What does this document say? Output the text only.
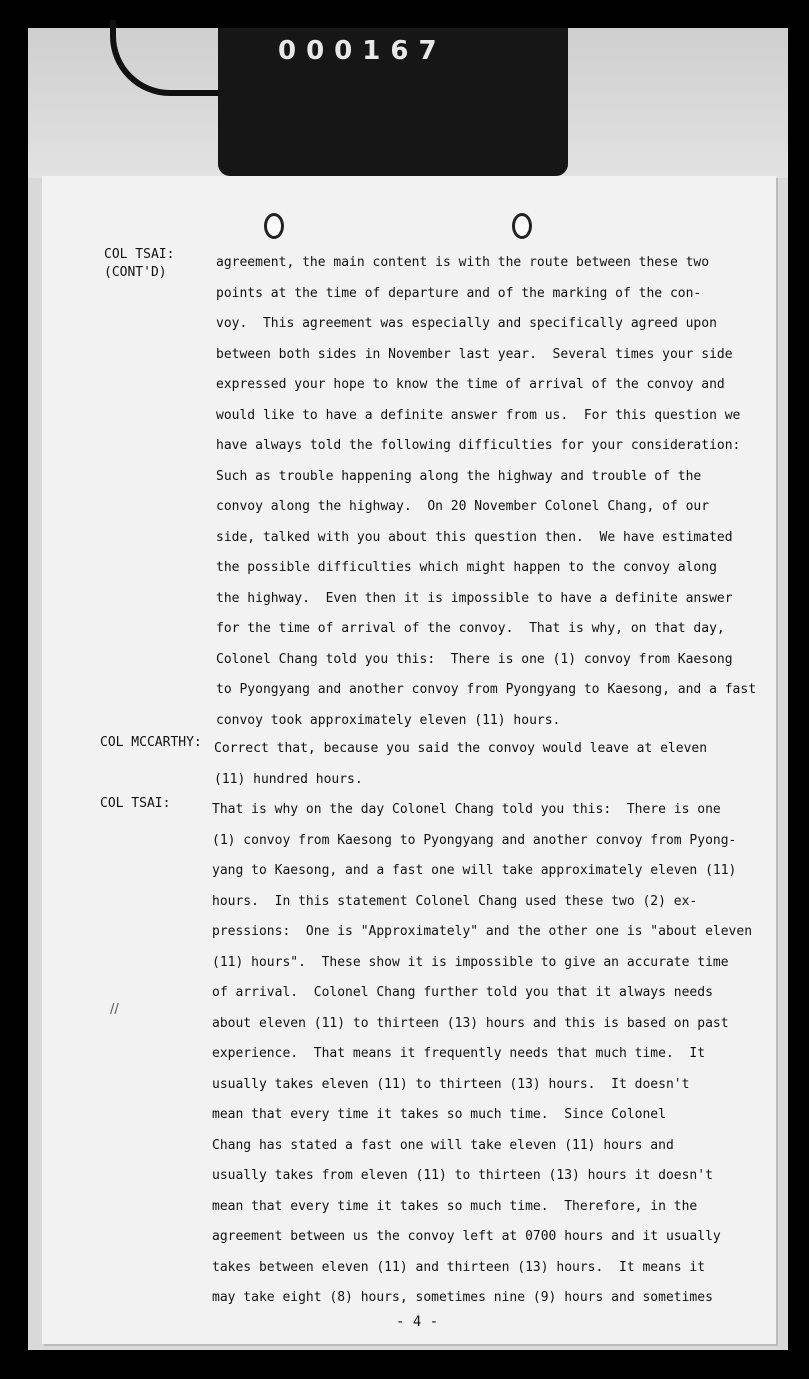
000167
COL TSAI:
(CONT'D)
COL MCCARTHY:
COL TSAI:
agreement, the main content is with the route between these two
points at the time of departure and of the marking of the con-
voy.  This agreement was especially and specifically agreed upon
between both sides in November last year.  Several times your side
expressed your hope to know the time of arrival of the convoy and
would like to have a definite answer from us.  For this question we
have always told the following difficulties for your consideration:
Such as trouble happening along the highway and trouble of the
convoy along the highway.  On 20 November Colonel Chang, of our
side, talked with you about this question then.  We have estimated
the possible difficulties which might happen to the convoy along
the highway.  Even then it is impossible to have a definite answer
for the time of arrival of the convoy.  That is why, on that day,
Colonel Chang told you this:  There is one (1) convoy from Kaesong
to Pyongyang and another convoy from Pyongyang to Kaesong, and a fast
convoy took approximately eleven (11) hours.
Correct that, because you said the convoy would leave at eleven
(11) hundred hours.
That is why on the day Colonel Chang told you this:  There is one
(1) convoy from Kaesong to Pyongyang and another convoy from Pyong-
yang to Kaesong, and a fast one will take approximately eleven (11)
hours.  In this statement Colonel Chang used these two (2) ex-
pressions:  One is "Approximately" and the other one is "about eleven
(11) hours".  These show it is impossible to give an accurate time
of arrival.  Colonel Chang further told you that it always needs
about eleven (11) to thirteen (13) hours and this is based on past
experience.  That means it frequently needs that much time.  It
usually takes eleven (11) to thirteen (13) hours.  It doesn't
mean that every time it takes so much time.  Since Colonel
Chang has stated a fast one will take eleven (11) hours and
usually takes from eleven (11) to thirteen (13) hours it doesn't
mean that every time it takes so much time.  Therefore, in the
agreement between us the convoy left at 0700 hours and it usually
takes between eleven (11) and thirteen (13) hours.  It means it
may take eight (8) hours, sometimes nine (9) hours and sometimes
//
- 4 -
